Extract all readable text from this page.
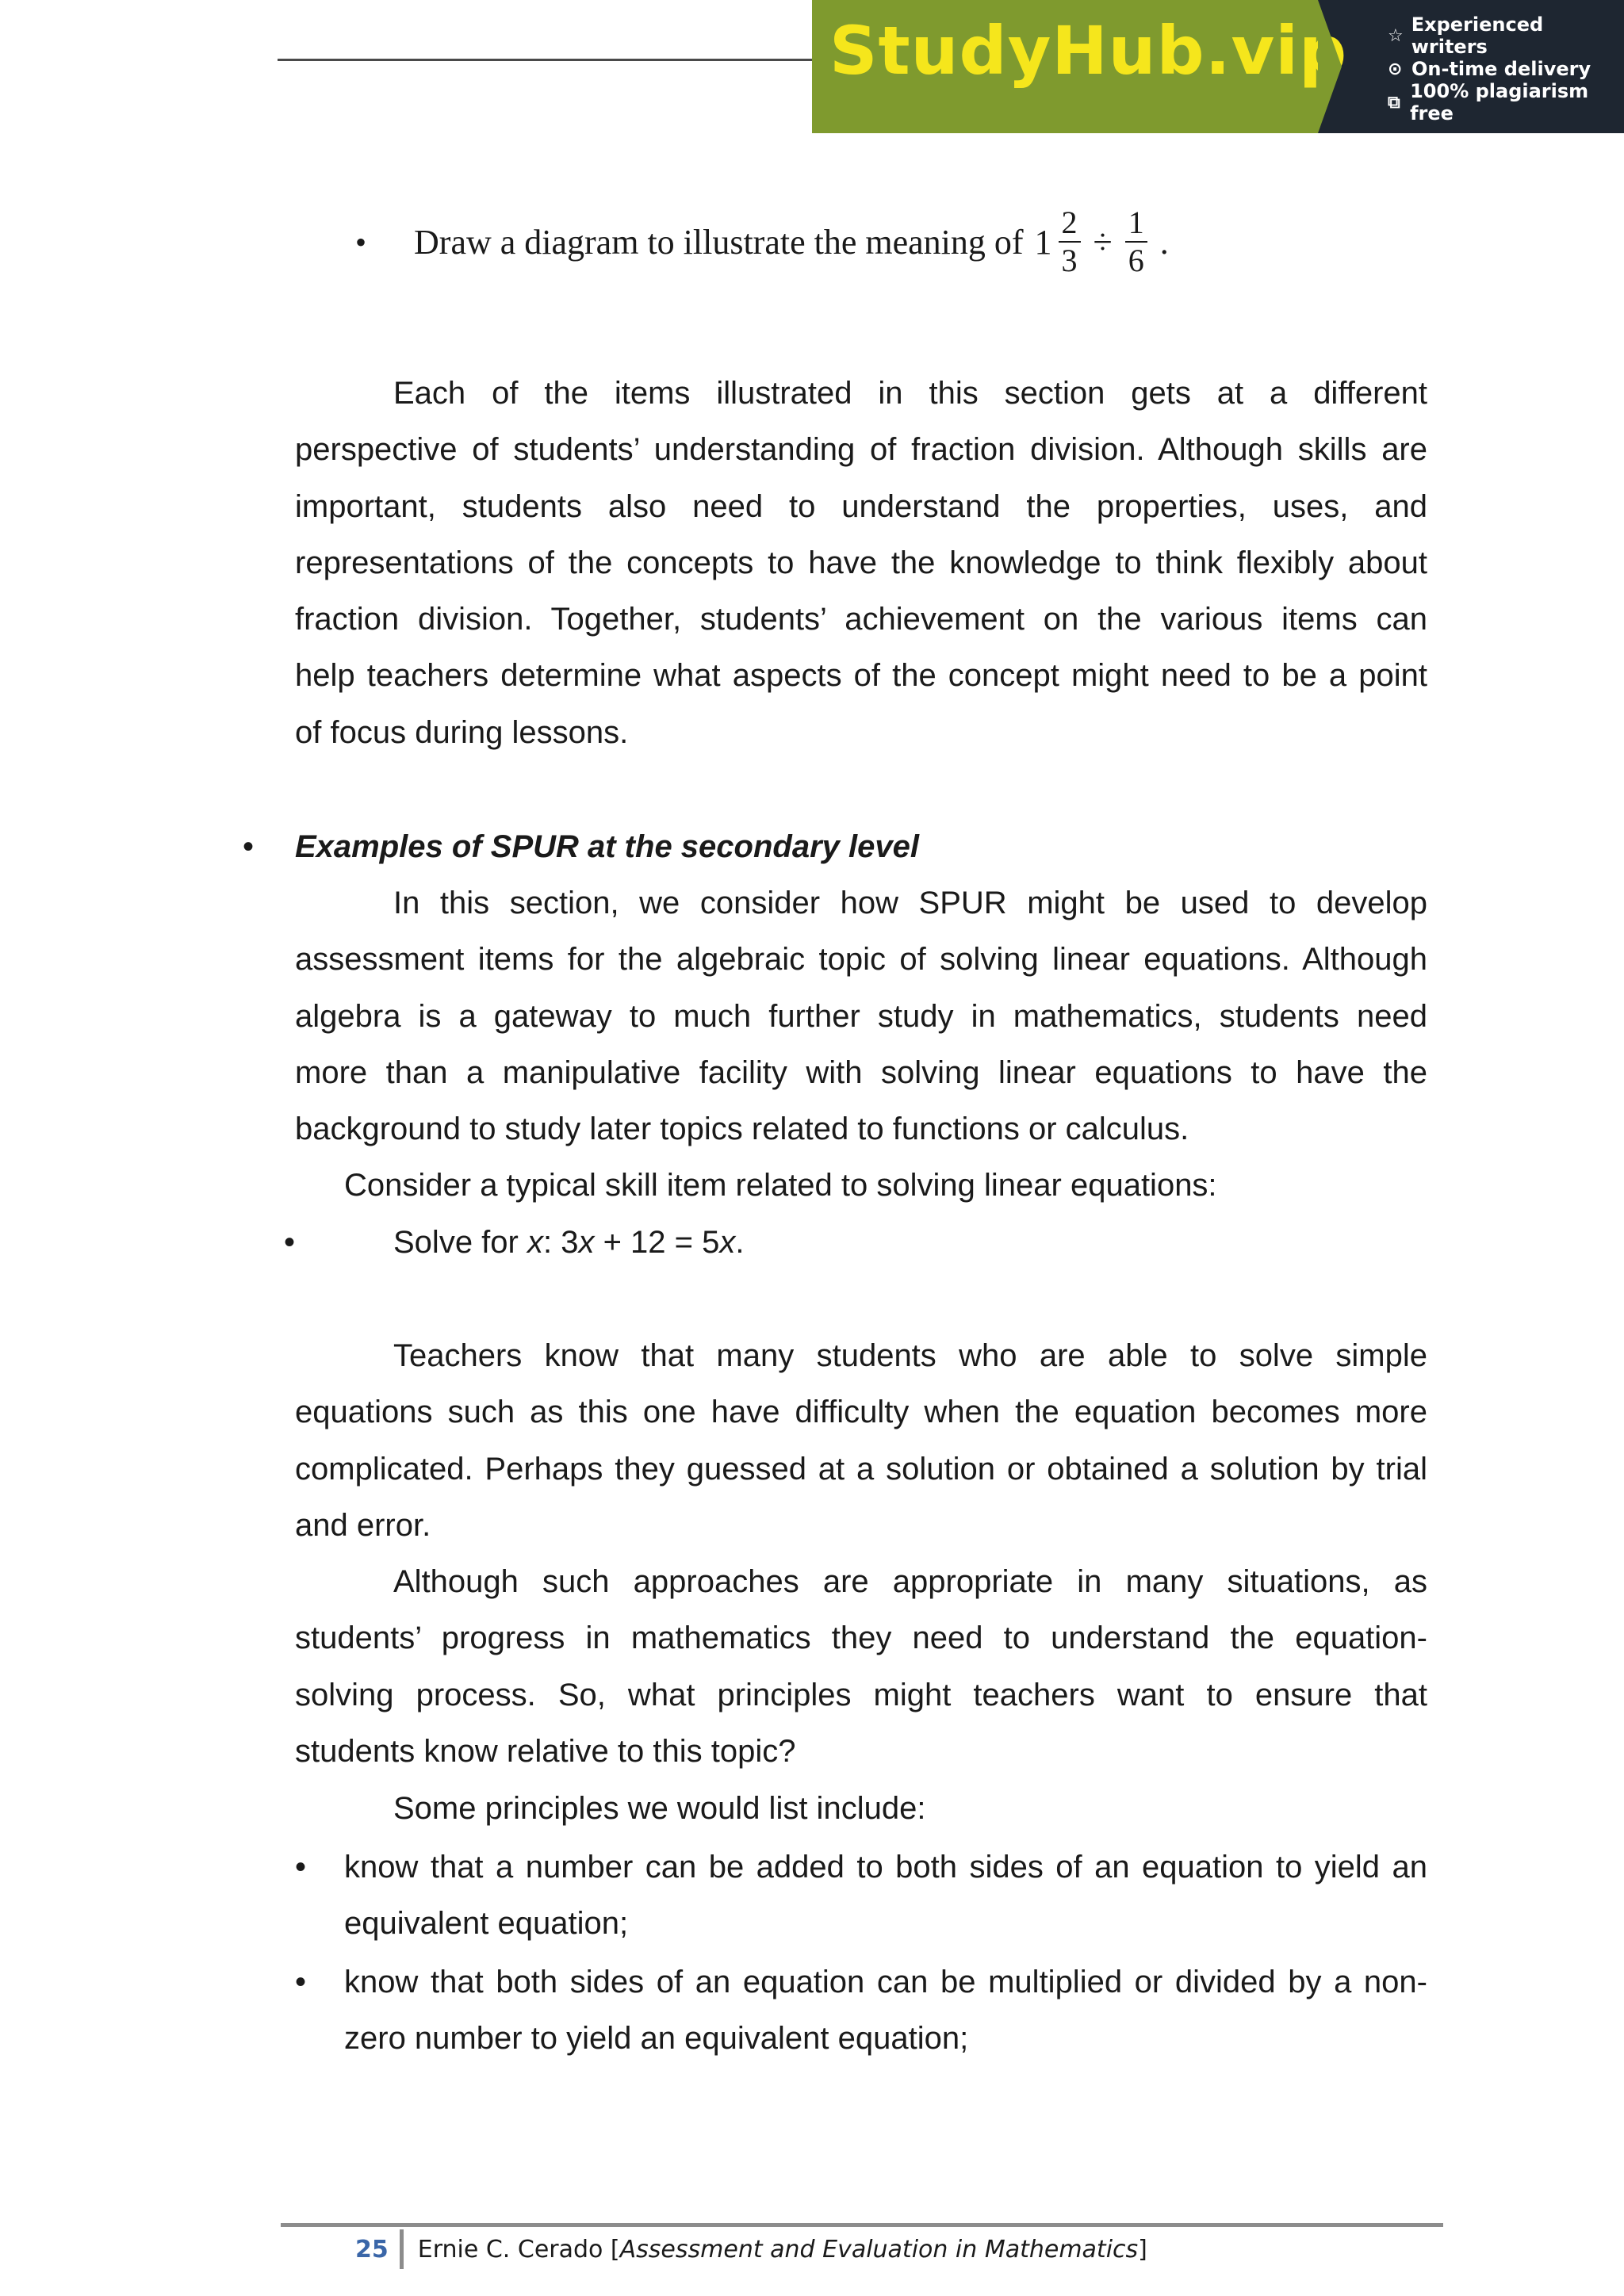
StudyHub.vip ☆ Experienced writers
⊙ On-time delivery
⧉ 100% plagiarism free
• Draw a diagram to illustrate the meaning of $1 \frac{2}{3} \div \frac{1}{6}$ .
Each of the items illustrated in this section gets at a different
perspective of students’ understanding of fraction division. Although skills are
important, students also need to understand the properties, uses, and
representations of the concepts to have the knowledge to think flexibly about
fraction division. Together, students’ achievement on the various items can
help teachers determine what aspects of the concept might need to be a point
of focus during lessons.
• Examples of SPUR at the secondary level
In this section, we consider how SPUR might be used to develop
assessment items for the algebraic topic of solving linear equations. Although
algebra is a gateway to much further study in mathematics, students need
more than a manipulative facility with solving linear equations to have the
background to study later topics related to functions or calculus.
Consider a typical skill item related to solving linear equations:
•	Solve for x: 3x + 12 = 5x.
Teachers know that many students who are able to solve simple
equations such as this one have difficulty when the equation becomes more
complicated. Perhaps they guessed at a solution or obtained a solution by trial
and error.
Although such approaches are appropriate in many situations, as
students’ progress in mathematics they need to understand the equation-
solving process. So, what principles might teachers want to ensure that
students know relative to this topic?
Some principles we would list include:
• know that a number can be added to both sides of an equation to yield an
equivalent equation;
• know that both sides of an equation can be multiplied or divided by a non-
zero number to yield an equivalent equation;
25 Ernie C. Cerado [ Assessment and Evaluation in Mathematics ]
